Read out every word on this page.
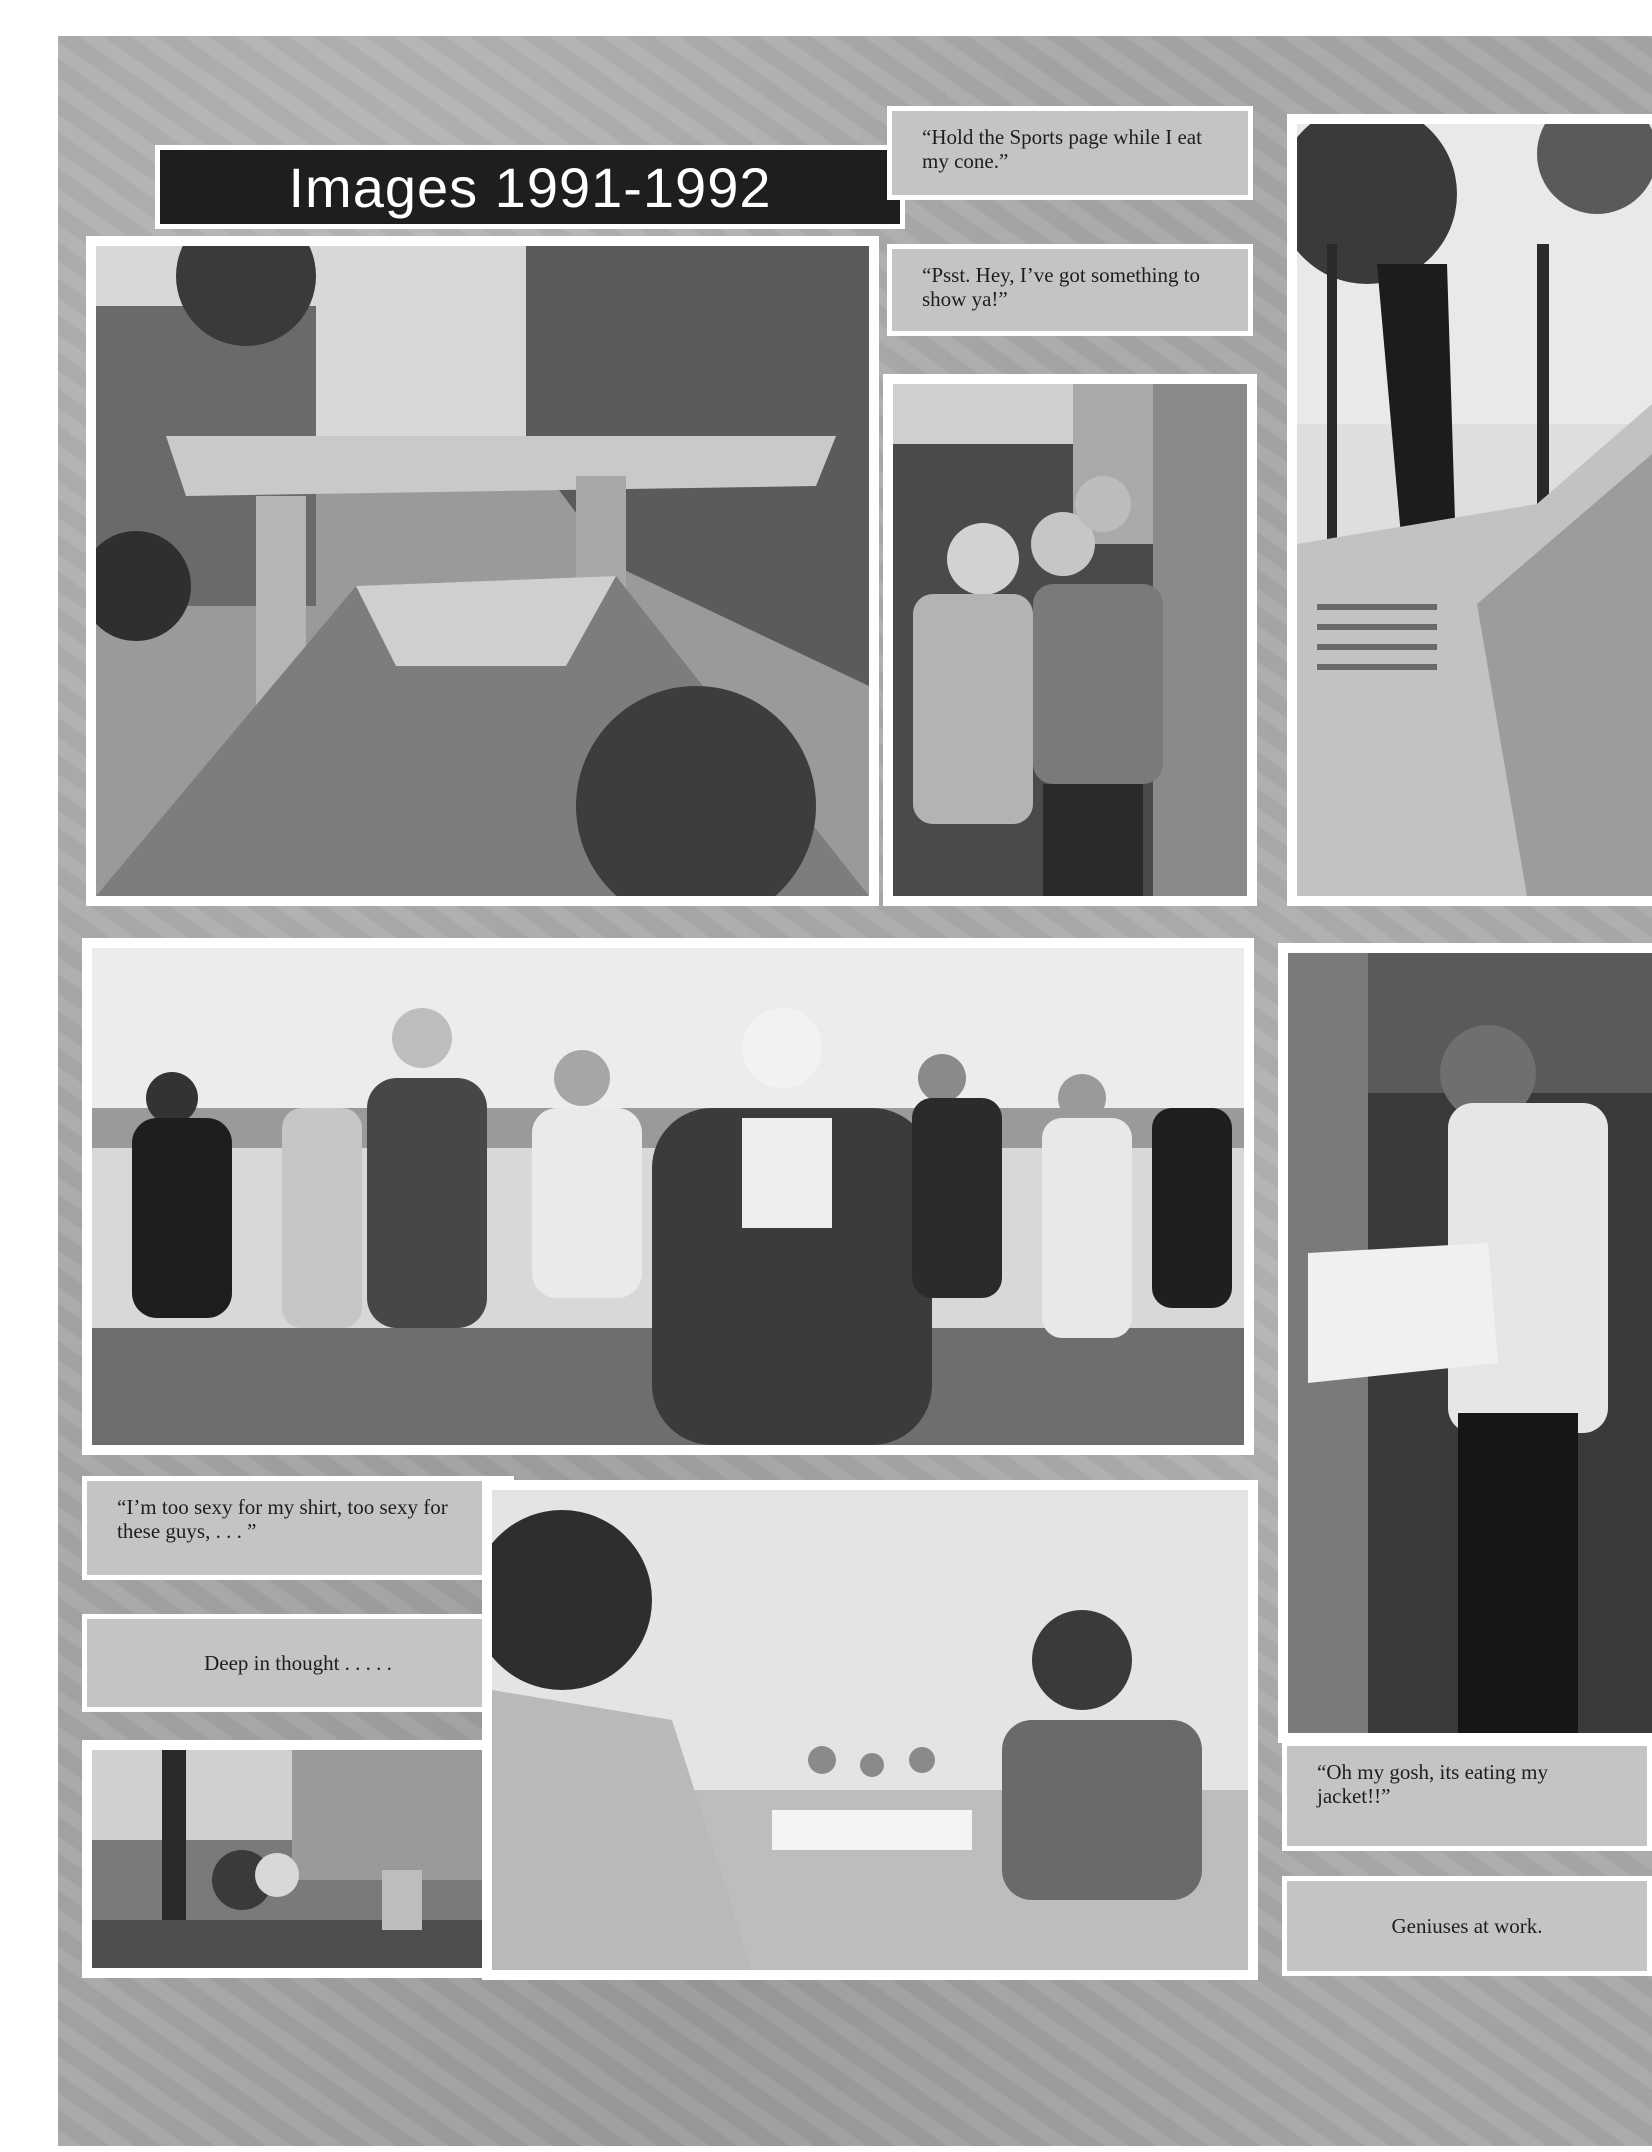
Images 1991-1992
“Hold the Sports page while I eat my cone.”
“Psst. Hey, I’ve got something to show ya!”
“I’m too sexy for my shirt, too sexy for these guys, . . . ”
Deep in thought . . . . .
“Oh my gosh, its eating my jacket!!”
Geniuses at work.
